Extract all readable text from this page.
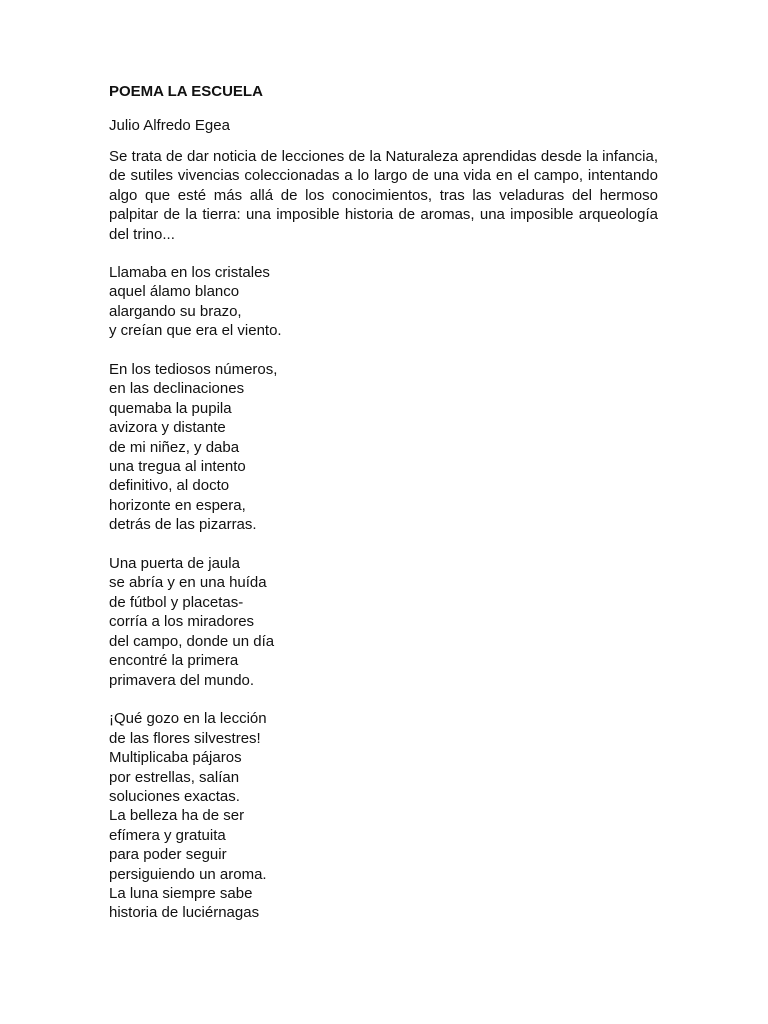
POEMA LA ESCUELA

Julio Alfredo Egea

Se trata de dar noticia de lecciones de la Naturaleza aprendidas desde la infancia, de sutiles vivencias coleccionadas a lo largo de una vida en el campo, intentando algo que esté más allá de los conocimientos, tras las veladuras del hermoso palpitar de la tierra: una imposible historia de aromas, una imposible arqueología del trino...

Llamaba en los cristales
aquel álamo blanco
alargando su brazo,
y creían que era el viento.
En los tediosos números,
en las declinaciones
quemaba la pupila
avizora y distante
de mi niñez, y daba
una tregua al intento
definitivo, al docto
horizonte en espera,
detrás de las pizarras.
Una puerta de jaula
se abría y en una huída
de fútbol y placetas-
corría a los miradores
del campo, donde un día
encontré la primera
primavera del mundo.
¡Qué gozo en la lección
de las flores silvestres!
Multiplicaba pájaros
por estrellas, salían
soluciones exactas.
La belleza ha de ser
efímera y gratuita
para poder seguir
persiguiendo un aroma.
La luna siempre sabe
historia de luciérnagas
